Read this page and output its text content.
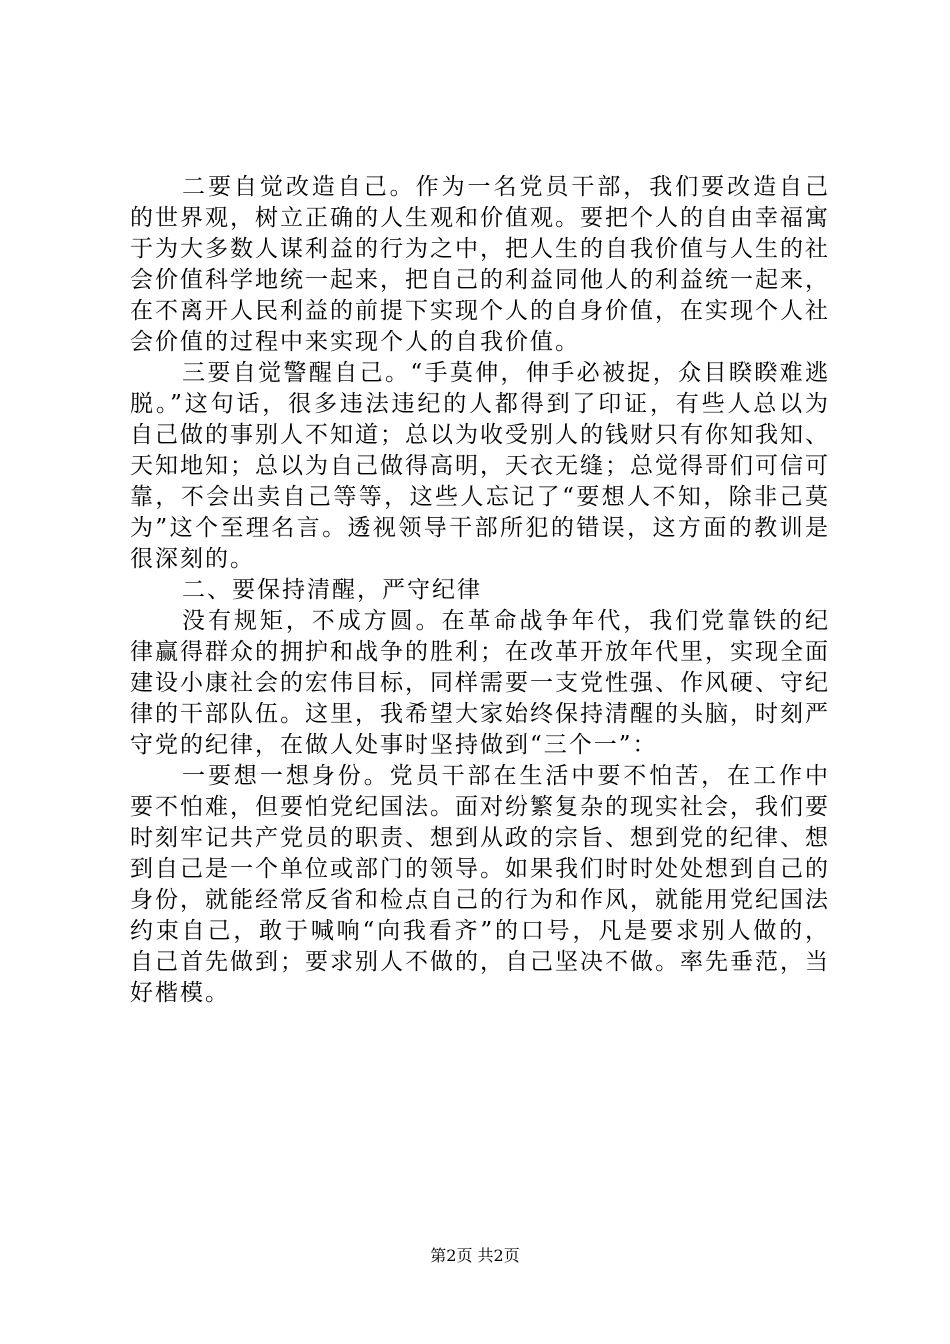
二要自觉改造自己。作为一名党员干部，我们要改造自己的世界观，树立正确的人生观和价值观。要把个人的自由幸福寓于为大多数人谋利益的行为之中，把人生的自我价值与人生的社会价值科学地统一起来，把自己的利益同他人的利益统一起来，在不离开人民利益的前提下实现个人的自身价值，在实现个人社会价值的过程中来实现个人的自我价值。

三要自觉警醒自己。“手莫伸，伸手必被捉，众目睽睽难逃脱。”这句话，很多违法违纪的人都得到了印证，有些人总以为自己做的事别人不知道；总以为收受别人的钱财只有你知我知、天知地知；总以为自己做得高明，天衣无缝；总觉得哥们可信可靠，不会出卖自己等等，这些人忘记了“要想人不知，除非己莫为”这个至理名言。透视领导干部所犯的错误，这方面的教训是很深刻的。

二、要保持清醒，严守纪律

没有规矩，不成方圆。在革命战争年代，我们党靠铁的纪律赢得群众的拥护和战争的胜利；在改革开放年代里，实现全面建设小康社会的宏伟目标，同样需要一支党性强、作风硬、守纪律的干部队伍。这里，我希望大家始终保持清醒的头脑，时刻严守党的纪律，在做人处事时坚持做到“三个一”：

一要想一想身份。党员干部在生活中要不怕苦，在工作中要不怕难，但要怕党纪国法。面对纷繁复杂的现实社会，我们要时刻牢记共产党员的职责、想到从政的宗旨、想到党的纪律、想到自己是一个单位或部门的领导。如果我们时时处处想到自己的身份，就能经常反省和检点自己的行为和作风，就能用党纪国法约束自己，敢于喊响“向我看齐”的口号，凡是要求别人做的，自己首先做到；要求别人不做的，自己坚决不做。率先垂范，当好楷模。

第2页 共2页
